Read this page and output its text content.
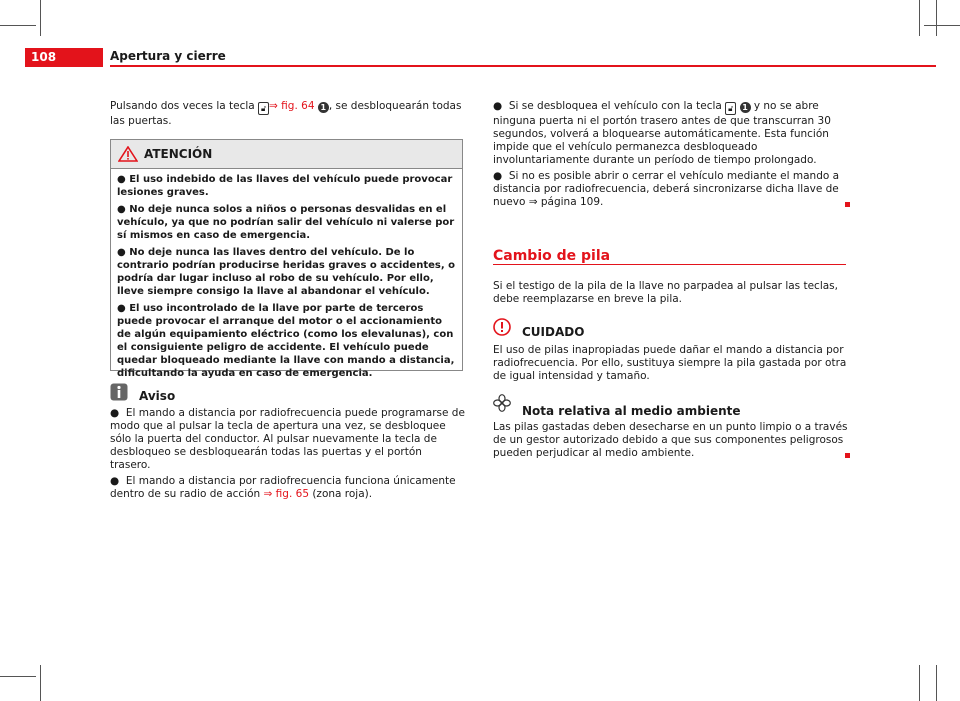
108	Apertura y cierre

Pulsando dos veces la tecla 🔓︎ ⇒ fig. 64 1 , se desbloquearán todas las puertas.

ATENCIÓN

● El uso indebido de las llaves del vehículo puede provocar lesiones graves.

● No deje nunca solos a niños o personas desvalidas en el vehículo, ya que no podrían salir del vehículo ni valerse por sí mismos en caso de emergencia.

● No deje nunca las llaves dentro del vehículo. De lo contrario podrían producirse heridas graves o accidentes, o podría dar lugar incluso al robo de su vehículo. Por ello, lleve siempre consigo la llave al abandonar el vehículo.

● El uso incontrolado de la llave por parte de terceros puede provocar el arranque del motor o el accionamiento de algún equipamiento eléctrico (como los elevalunas), con el consiguiente peligro de accidente. El vehículo puede quedar bloqueado mediante la llave con mando a distancia, dificultando la ayuda en caso de emergencia.

Aviso

●  El mando a distancia por radiofrecuencia puede programarse de modo que al pulsar la tecla de apertura una vez, se desbloquee sólo la puerta del conductor. Al pulsar nuevamente la tecla de desbloqueo se desbloquearán todas las puertas y el portón trasero.

●  El mando a distancia por radiofrecuencia funciona únicamente dentro de su radio de acción ⇒ fig. 65 (zona roja).

●  Si se desbloquea el vehículo con la tecla 🔓︎ 1 y no se abre ninguna puerta ni el portón trasero antes de que transcurran 30 segundos, volverá a bloquearse automáticamente. Esta función impide que el vehículo permanezca desbloqueado involuntariamente durante un período de tiempo prolongado.

●  Si no es posible abrir o cerrar el vehículo mediante el mando a distancia por radiofrecuencia, deberá sincronizarse dicha llave de nuevo ⇒ página 109.

Cambio de pila

Si el testigo de la pila de la llave no parpadea al pulsar las teclas, debe reemplazarse en breve la pila.

CUIDADO

El uso de pilas inapropiadas puede dañar el mando a distancia por radiofrecuencia. Por ello, sustituya siempre la pila gastada por otra de igual intensidad y tamaño.

Nota relativa al medio ambiente

Las pilas gastadas deben desecharse en un punto limpio o a través de un gestor autorizado debido a que sus componentes peligrosos pueden perjudicar al medio ambiente.
